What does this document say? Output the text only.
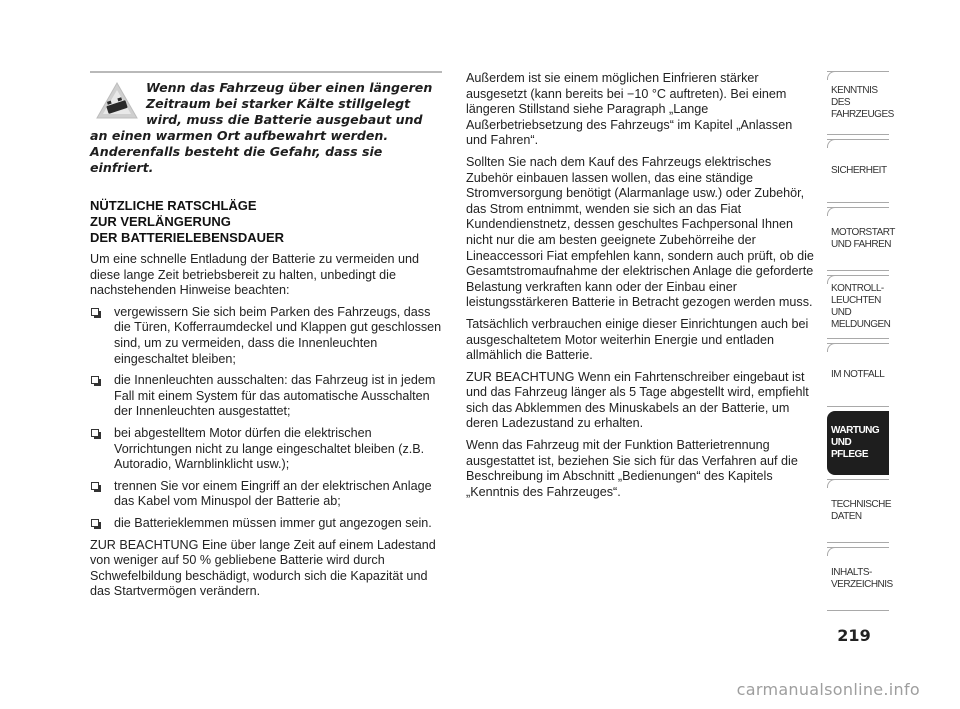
Wenn das Fahrzeug über einen längeren Zeitraum bei starker Kälte stillgelegt wird, muss die Batterie ausgebaut und an einen warmen Ort aufbewahrt werden. Anderenfalls besteht die Gefahr, dass sie einfriert.
NÜTZLICHE RATSCHLÄGE
ZUR VERLÄNGERUNG
DER BATTERIELEBENSDAUER

Um eine schnelle Entladung der Batterie zu vermeiden und diese lange Zeit betriebsbereit zu halten, unbedingt die nachstehenden Hinweise beachten:

vergewissern Sie sich beim Parken des Fahrzeugs, dass die Türen, Kofferraumdeckel und Klappen gut geschlossen sind, um zu vermeiden, dass die Innenleuchten eingeschaltet bleiben;
die Innenleuchten ausschalten: das Fahrzeug ist in jedem Fall mit einem System für das automatische Ausschalten der Innenleuchten ausgestattet;
bei abgestelltem Motor dürfen die elektrischen Vorrichtungen nicht zu lange eingeschaltet bleiben (z.B. Autoradio, Warnblinklicht usw.);
trennen Sie vor einem Eingriff an der elektrischen Anlage das Kabel vom Minuspol der Batterie ab;
die Batterieklemmen müssen immer gut angezogen sein.

ZUR BEACHTUNG Eine über lange Zeit auf einem Ladestand von weniger auf 50 % gebliebene Batterie wird durch Schwefelbildung beschädigt, wodurch sich die Kapazität und das Startvermögen verändern.

Außerdem ist sie einem möglichen Einfrieren stärker ausgesetzt (kann bereits bei −10 °C auftreten). Bei einem längeren Stillstand siehe Paragraph „Lange Außerbetriebsetzung des Fahrzeugs“ im Kapitel „Anlassen und Fahren“.

Sollten Sie nach dem Kauf des Fahrzeugs elektrisches Zubehör einbauen lassen wollen, das eine ständige Stromversorgung benötigt (Alarmanlage usw.) oder Zubehör, das Strom entnimmt, wenden sie sich an das Fiat Kundendienstnetz, dessen geschultes Fachpersonal Ihnen nicht nur die am besten geeignete Zubehörreihe der Lineaccessori Fiat empfehlen kann, sondern auch prüft, ob die Gesamtstromaufnahme der elektrischen Anlage die geforderte Belastung verkraften kann oder der Einbau einer leistungsstärkeren Batterie in Betracht gezogen werden muss.

Tatsächlich verbrauchen einige dieser Einrichtungen auch bei ausgeschaltetem Motor weiterhin Energie und entladen allmählich die Batterie.

ZUR BEACHTUNG Wenn ein Fahrtenschreiber eingebaut ist und das Fahrzeug länger als 5 Tage abgestellt wird, empfiehlt sich das Abklemmen des Minuskabels an der Batterie, um deren Ladezustand zu erhalten.

Wenn das Fahrzeug mit der Funktion Batterietrennung ausgestattet ist, beziehen Sie sich für das Verfahren auf die Beschreibung im Abschnitt „Bedienungen“ des Kapitels „Kenntnis des Fahrzeuges“.

KENNTNIS
DES FAHRZEUGES
SICHERHEIT
MOTORSTART
UND FAHREN
KONTROLL-
LEUCHTEN
UND MELDUNGEN
IM NOTFALL
WARTUNG
UND PFLEGE
TECHNISCHE
DATEN
INHALTS-
VERZEICHNIS
219
carmanualsonline.info
